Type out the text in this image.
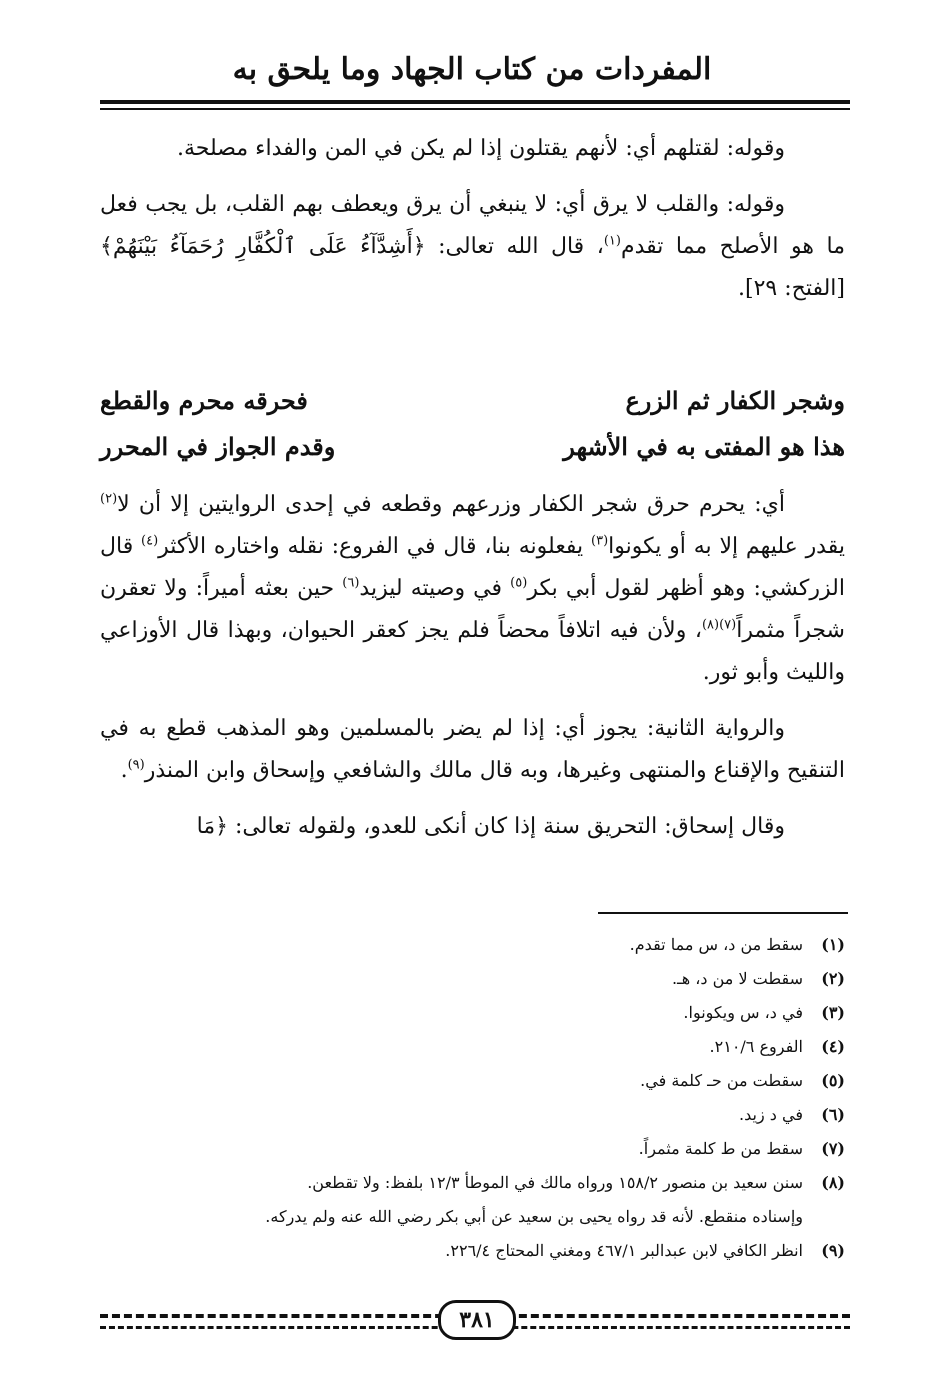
المفردات من كتاب الجهاد وما يلحق به

وقوله: لقتلهم أي: لأنهم يقتلون إذا لم يكن في المن والفداء مصلحة.

وقوله: والقلب لا يرق أي: لا ينبغي أن يرق ويعطف بهم القلب، بل يجب فعل ما هو الأصلح مما تقدم$^{(١)}$، قال الله تعالى: ﴿أَشِدَّآءُ عَلَى ٱلْكُفَّارِ رُحَمَآءُ بَيْنَهُمْ﴾ [الفتح: ٢٩].

وشجر الكفار ثم الزرع
فحرقه محرم والقطع
هذا هو المفتى به في الأشهر
وقدم الجواز في المحرر

أي: يحرم حرق شجر الكفار وزرعهم وقطعه في إحدى الروايتين إلا أن لا$^{(٢)}$ يقدر عليهم إلا به أو يكونوا$^{(٣)}$ يفعلونه بنا، قال في الفروع: نقله واختاره الأكثر$^{(٤)}$ قال الزركشي: وهو أظهر لقول أبي بكر$^{(٥)}$ في وصيته ليزيد$^{(٦)}$ حين بعثه أميراً: ولا تعقرن شجراً مثمراً$^{(٧)(٨)}$، ولأن فيه اتلافاً محضاً فلم يجز كعقر الحيوان، وبهذا قال الأوزاعي والليث وأبو ثور.

والرواية الثانية: يجوز أي: إذا لم يضر بالمسلمين وهو المذهب قطع به في التنقيح والإقناع والمنتهى وغيرها، وبه قال مالك والشافعي وإسحاق وابن المنذر$^{(٩)}$.

وقال إسحاق: التحريق سنة إذا كان أنكى للعدو، ولقوله تعالى: ﴿مَا

(١)سقط من د، س مما تقدم.
(٢)سقطت لا من د، هـ.
(٣)في د، س ويكونوا.
(٤)الفروع ٢١٠/٦.
(٥)سقطت من حـ كلمة في.
(٦)في د زيد.
(٧)سقط من ط كلمة مثمراً.
(٨)سنن سعيد بن منصور ١٥٨/٢ ورواه مالك في الموطأ ١٢/٣ بلفظ: ولا تقطعن.
وإسناده منقطع. لأنه قد رواه يحيى بن سعيد عن أبي بكر رضي الله عنه ولم يدركه.
(٩)انظر الكافي لابن عبدالبر ٤٦٧/١ ومغني المحتاج ٢٢٦/٤.
٣٨١
